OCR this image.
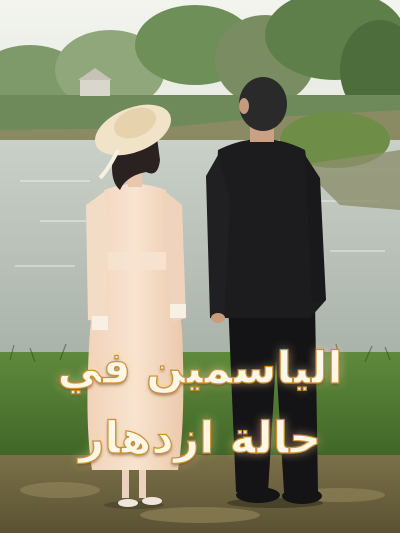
الياسمين في
حالة ازدهار
